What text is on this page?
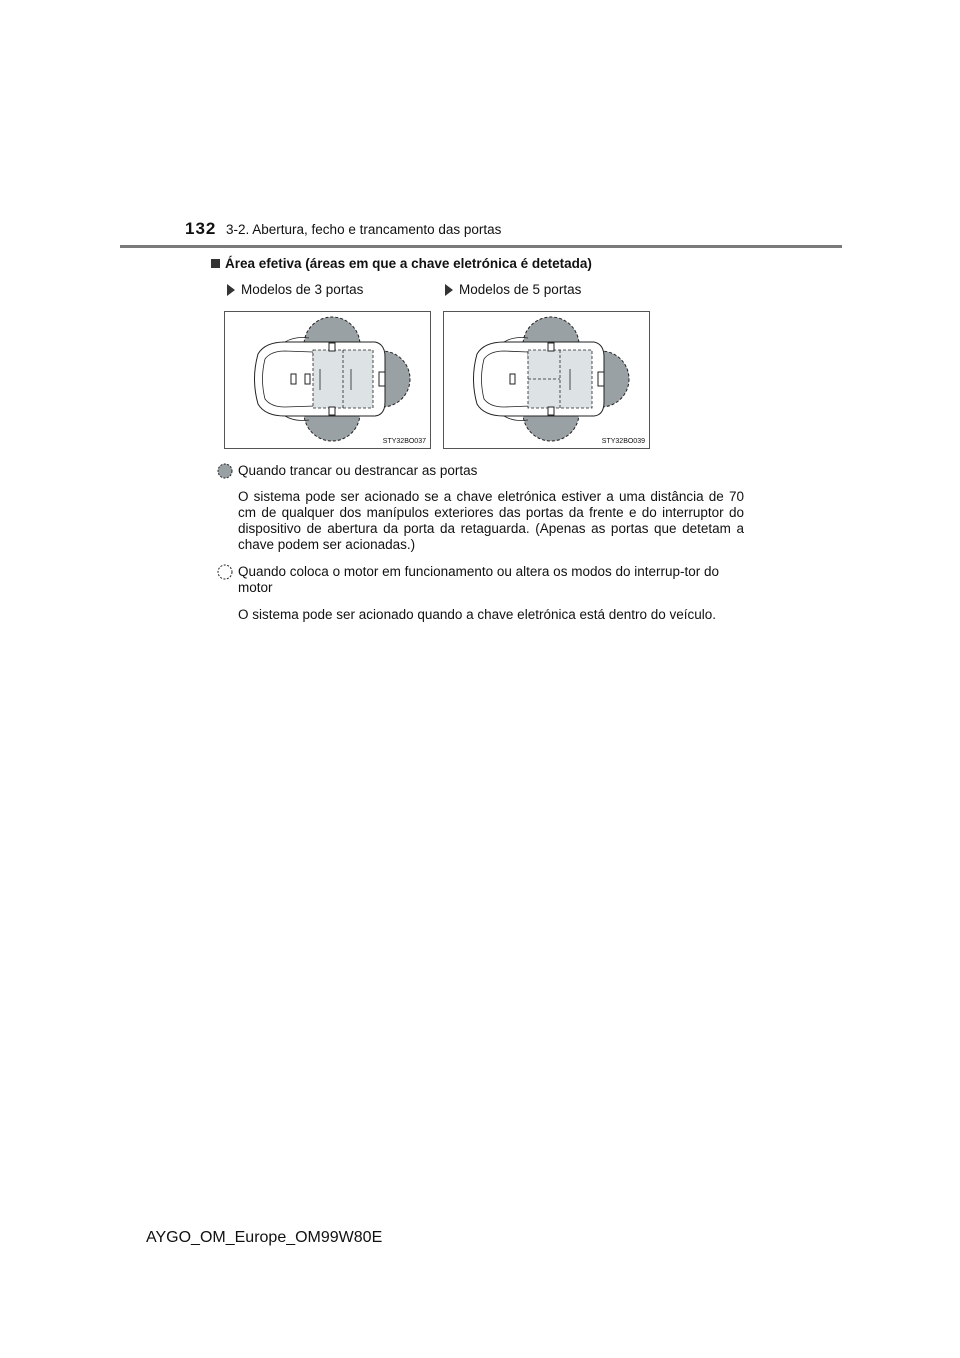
132 3-2. Abertura, fecho e trancamento das portas
Área efetiva (áreas em que a chave eletrónica é detetada)
Modelos de 3 portas	Modelos de 5 portas
STY32BO037	STY32BO039
Quando trancar ou destrancar as portas
O sistema pode ser acionado se a chave eletrónica estiver a uma distância de 70 cm de qualquer dos manípulos exteriores das portas da frente e do interruptor do dispositivo de abertura da porta da retaguarda. (Apenas as portas que detetam a chave podem ser acionadas.)
Quando coloca o motor em funcionamento ou altera os modos do interrup-tor do motor
O sistema pode ser acionado quando a chave eletrónica está dentro do veículo.
AYGO_OM_Europe_OM99W80E
